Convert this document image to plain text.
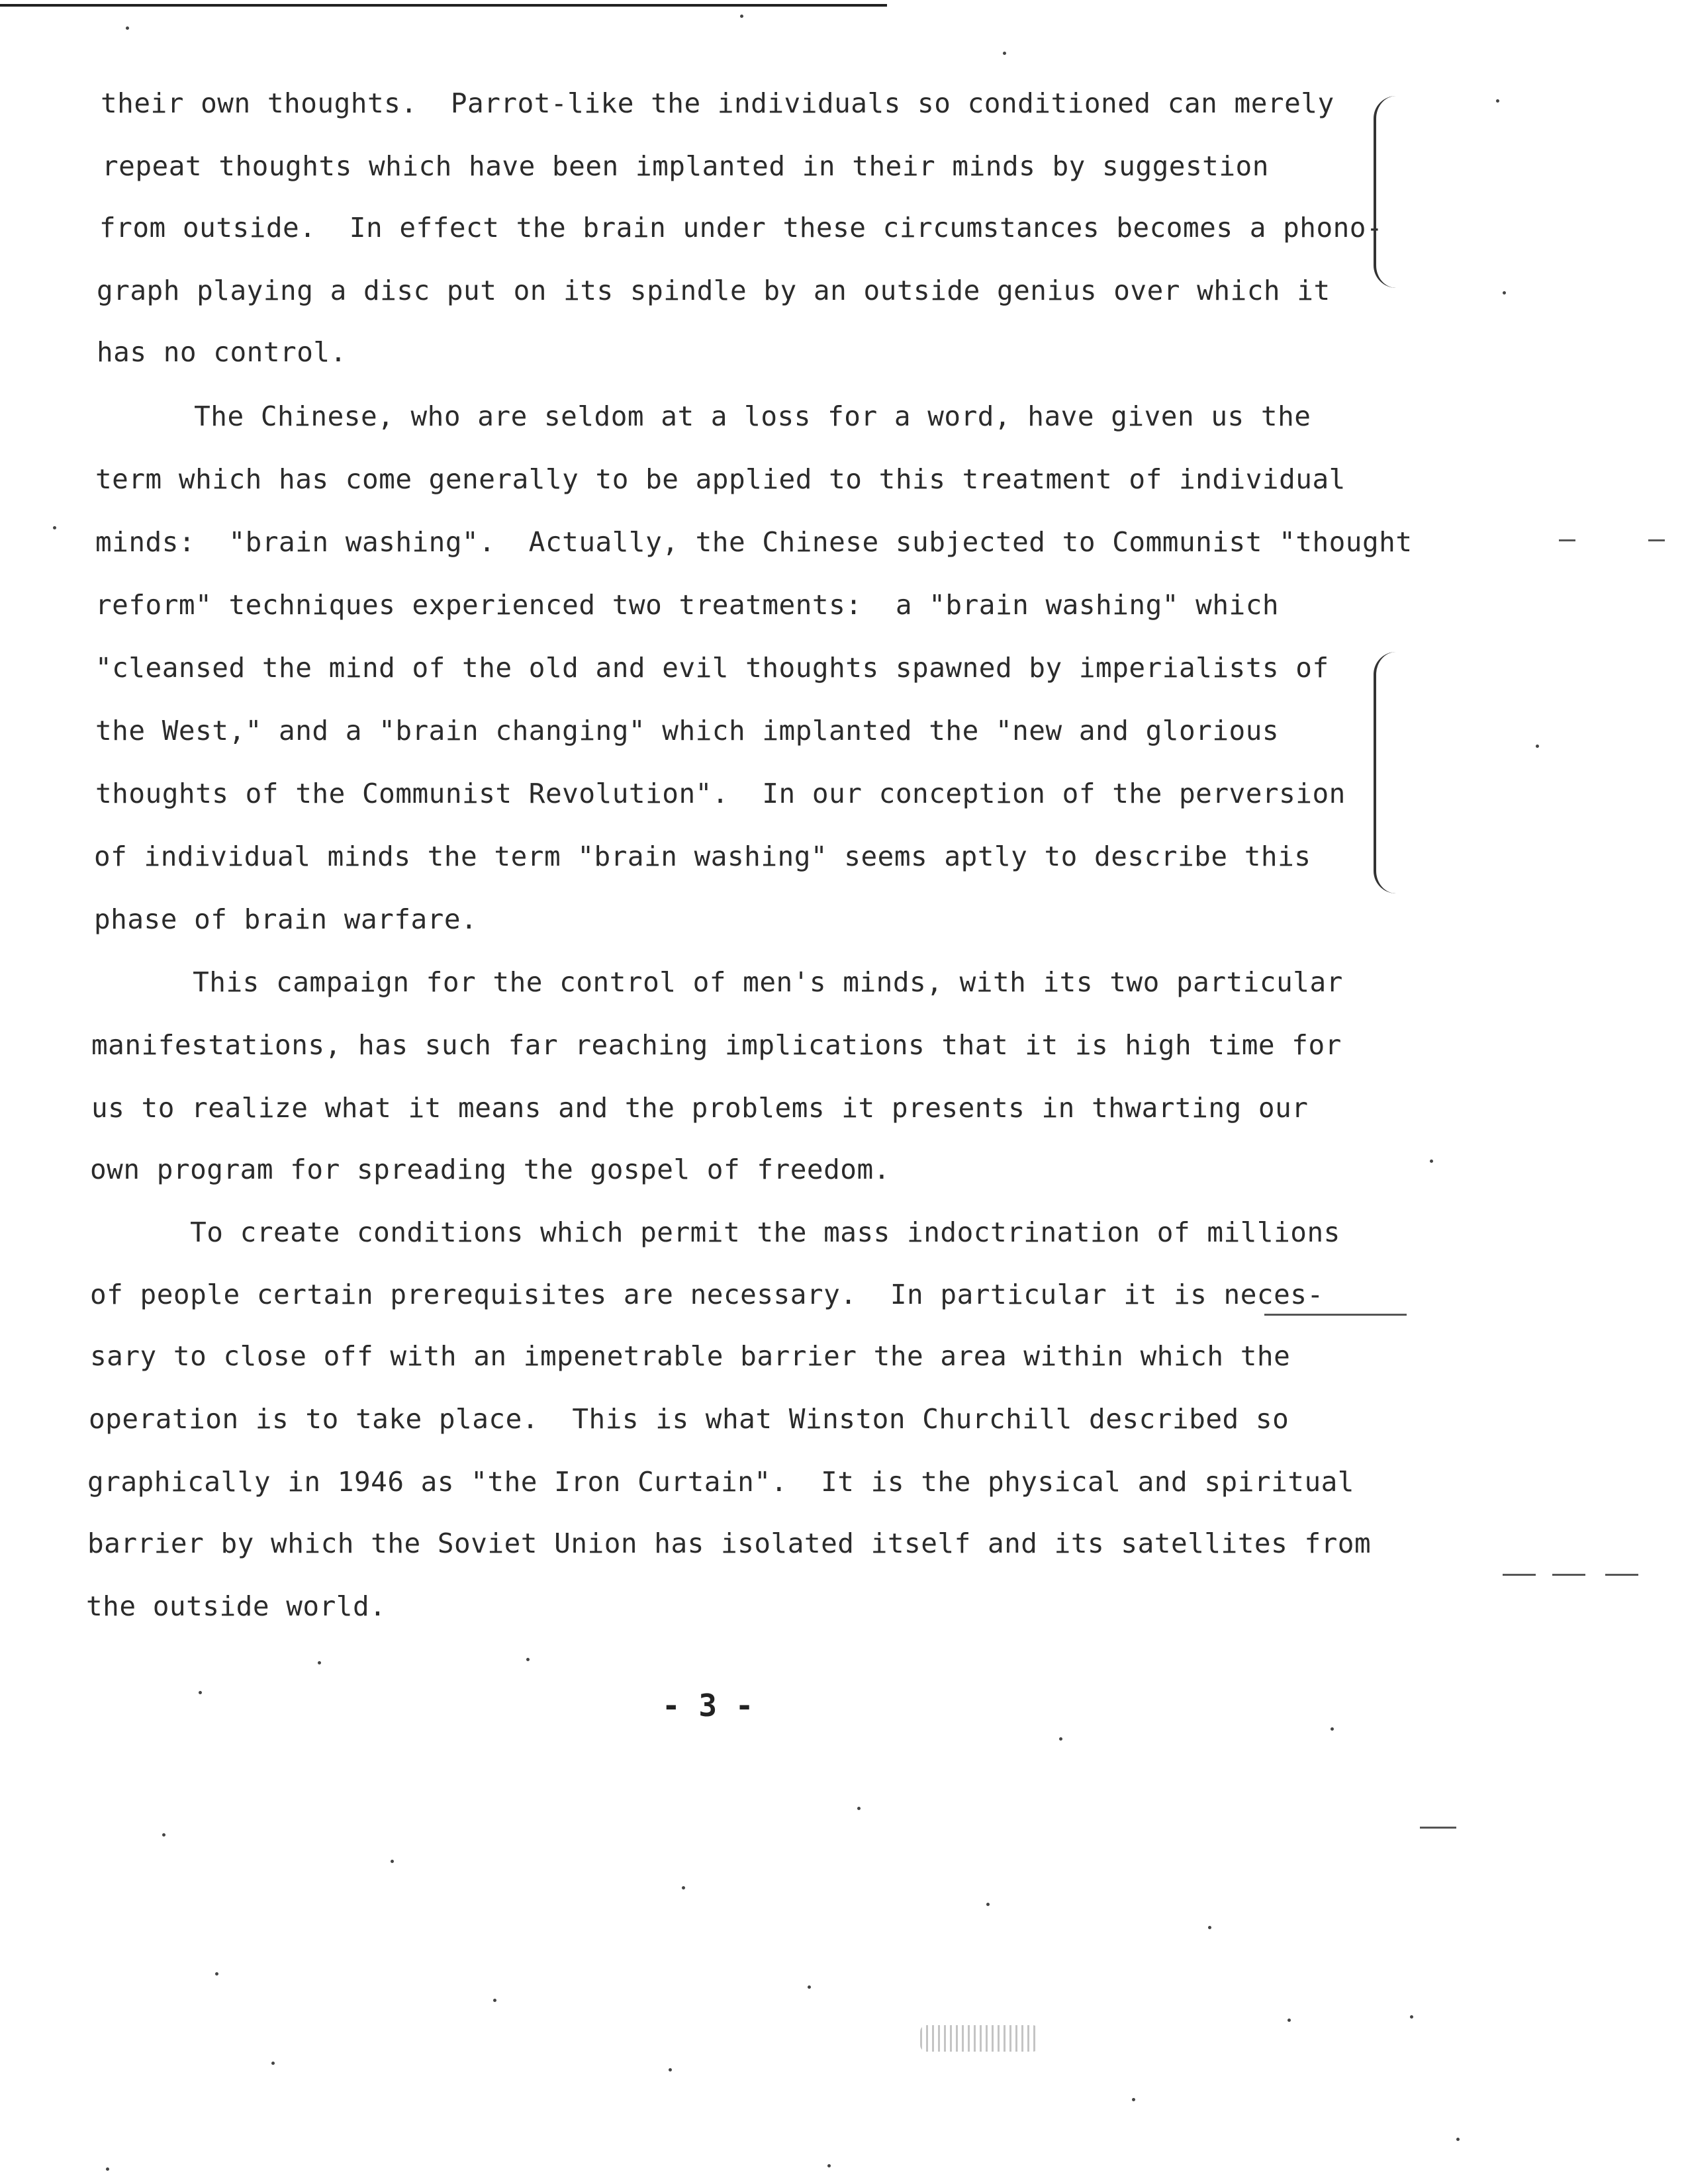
their own thoughts.  Parrot-like the individuals so conditioned can merely
repeat thoughts which have been implanted in their minds by suggestion
from outside.  In effect the brain under these circumstances becomes a phono-
graph playing a disc put on its spindle by an outside genius over which it
has no control.
The Chinese, who are seldom at a loss for a word, have given us the
term which has come generally to be applied to this treatment of individual
minds:  "brain washing".  Actually, the Chinese subjected to Communist "thought
reform" techniques experienced two treatments:  a "brain washing" which
"cleansed the mind of the old and evil thoughts spawned by imperialists of
the West," and a "brain changing" which implanted the "new and glorious
thoughts of the Communist Revolution".  In our conception of the perversion
of individual minds the term "brain washing" seems aptly to describe this
phase of brain warfare.
This campaign for the control of men's minds, with its two particular
manifestations, has such far reaching implications that it is high time for
us to realize what it means and the problems it presents in thwarting our
own program for spreading the gospel of freedom.
To create conditions which permit the mass indoctrination of millions
of people certain prerequisites are necessary.  In particular it is neces-
sary to close off with an impenetrable barrier the area within which the
operation is to take place.  This is what Winston Churchill described so
graphically in 1946 as "the Iron Curtain".  It is the physical and spiritual
barrier by which the Soviet Union has isolated itself and its satellites from
the outside world.
- 3 -
